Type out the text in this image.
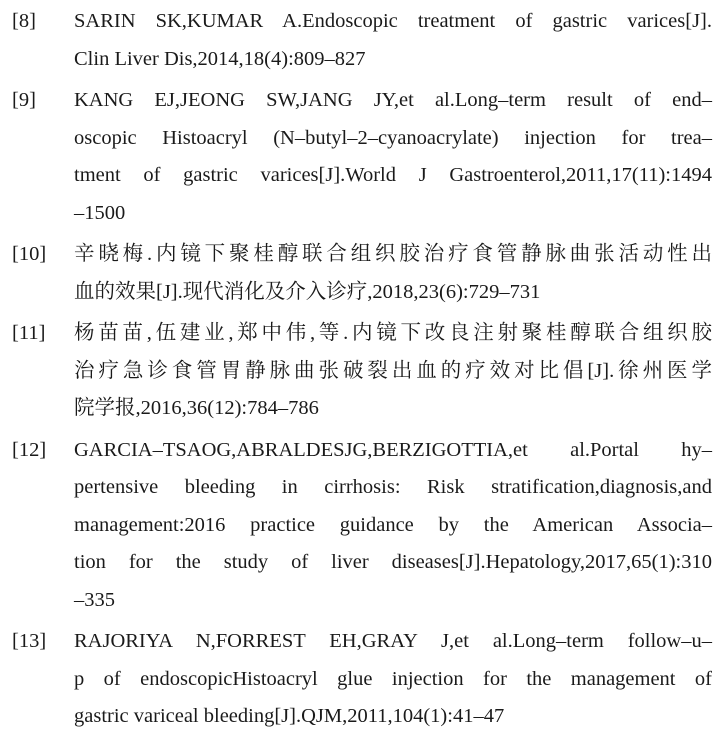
[8] SARIN SK,KUMAR A.Endoscopic treatment of gastric varices[J].
Clin Liver Dis,2014,18(4):809–827
[9] KANG EJ,JEONG SW,JANG JY,et al.Long–term result of end–
oscopic Histoacryl (N–butyl–2–cyanoacrylate) injection for trea–
tment of gastric varices[J].World J Gastroenterol,2011,17(11):1494
–1500
[10] 辛晓梅.内镜下聚桂醇联合组织胶治疗食管静脉曲张活动性出
血的效果[J].现代消化及介入诊疗,2018,23(6):729–731
[11] 杨苗苗,伍建业,郑中伟,等.内镜下改良注射聚桂醇联合组织胶
治疗急诊食管胃静脉曲张破裂出血的疗效对比倡[J].徐州医学
院学报,2016,36(12):784–786
[12] GARCIA–TSAOG,ABRALDESJG,BERZIGOTTIA,et al.Portal hy–
pertensive bleeding in cirrhosis: Risk stratification,diagnosis,and
management:2016 practice guidance by the American Associa–
tion for the study of liver diseases[J].Hepatology,2017,65(1):310
–335
[13] RAJORIYA N,FORREST EH,GRAY J,et al.Long–term follow–u–
p of endoscopicHistoacryl glue injection for the management of
gastric variceal bleeding[J].QJM,2011,104(1):41–47
